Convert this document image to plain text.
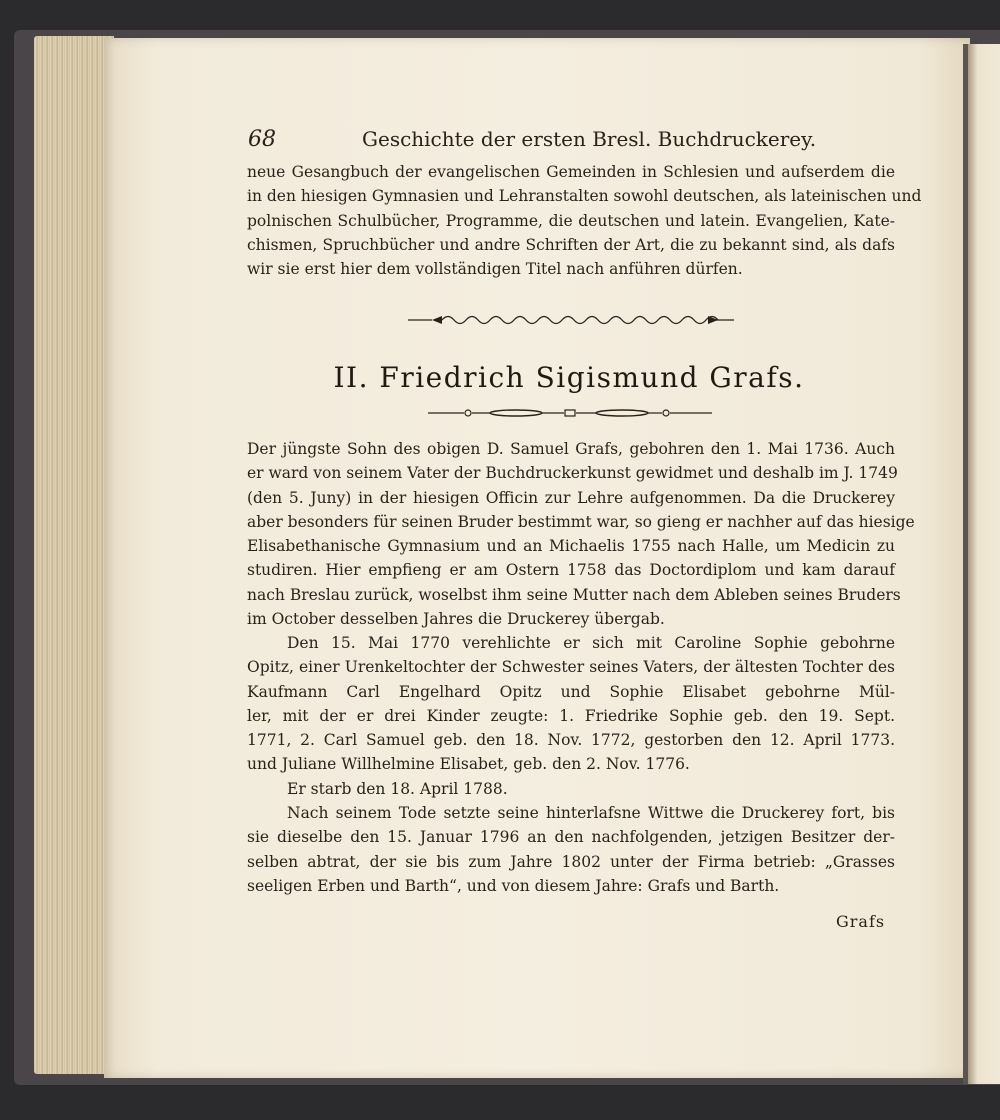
68	Geschichte der ersten Bresl. Buchdruckerey.
neue Gesangbuch der evangelischen Gemeinden in Schlesien und aufserdem die
in den hiesigen Gymnasien und Lehranstalten sowohl deutschen, als lateinischen und
polnischen Schulbücher, Programme, die deutschen und latein. Evangelien, Kate-
chismen, Spruchbücher und andre Schriften der Art, die zu bekannt sind, als dafs
wir sie erst hier dem vollständigen Titel nach anführen dürfen.
II. Friedrich Sigismund Grafs.
Der jüngste Sohn des obigen D. Samuel Grafs, gebohren den 1. Mai 1736. Auch
er ward von seinem Vater der Buchdruckerkunst gewidmet und deshalb im J. 1749
(den 5. Juny) in der hiesigen Officin zur Lehre aufgenommen. Da die Druckerey
aber besonders für seinen Bruder bestimmt war, so gieng er nachher auf das hiesige
Elisabethanische Gymnasium und an Michaelis 1755 nach Halle, um Medicin zu
studiren. Hier empfieng er am Ostern 1758 das Doctordiplom und kam darauf
nach Breslau zurück, woselbst ihm seine Mutter nach dem Ableben seines Bruders
im October desselben Jahres die Druckerey übergab.
Den 15. Mai 1770 verehlichte er sich mit Caroline Sophie gebohrne
Opitz, einer Urenkeltochter der Schwester seines Vaters, der ältesten Tochter des
Kaufmann Carl Engelhard Opitz und Sophie Elisabet gebohrne Mül-
ler, mit der er drei Kinder zeugte: 1. Friedrike Sophie geb. den 19. Sept.
1771, 2. Carl Samuel geb. den 18. Nov. 1772, gestorben den 12. April 1773.
und Juliane Willhelmine Elisabet, geb. den 2. Nov. 1776.
Er starb den 18. April 1788.
Nach seinem Tode setzte seine hinterlafsne Wittwe die Druckerey fort, bis
sie dieselbe den 15. Januar 1796 an den nachfolgenden, jetzigen Besitzer der-
selben abtrat, der sie bis zum Jahre 1802 unter der Firma betrieb: „Grasses
seeligen Erben und Barth“, und von diesem Jahre: Grafs und Barth.
Grafs
